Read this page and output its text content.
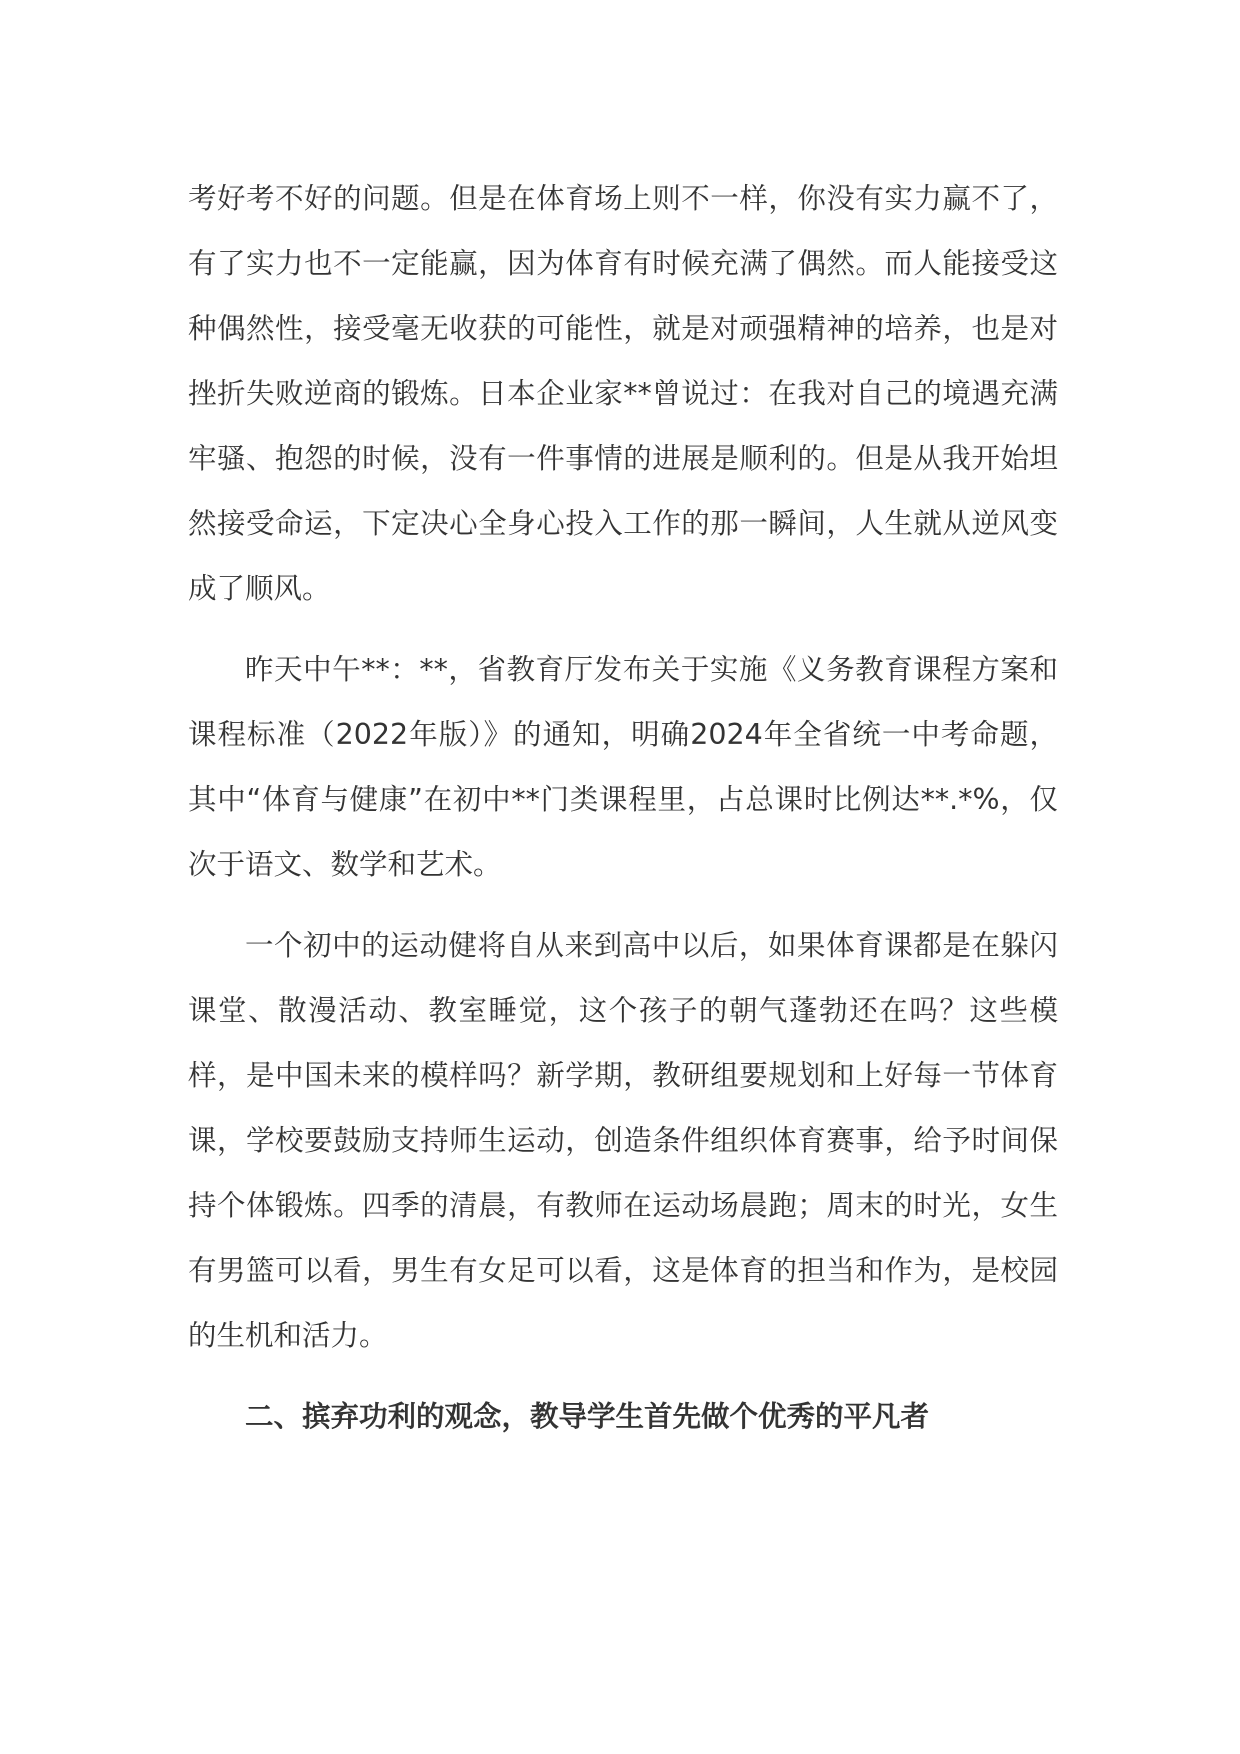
考好考不好的问题。但是在体育场上则不一样，你没有实力赢不了，有了实力也不一定能赢，因为体育有时候充满了偶然。而人能接受这种偶然性，接受毫无收获的可能性，就是对顽强精神的培养，也是对挫折失败逆商的锻炼。日本企业家**曾说过：在我对自己的境遇充满牢骚、抱怨的时候，没有一件事情的进展是顺利的。但是从我开始坦然接受命运，下定决心全身心投入工作的那一瞬间，人生就从逆风变成了顺风。

昨天中午**：**，省教育厅发布关于实施《义务教育课程方案和课程标准（2022年版）》的通知，明确2024年全省统一中考命题，其中“体育与健康”在初中**门类课程里，占总课时比例达**.*%，仅次于语文、数学和艺术。

一个初中的运动健将自从来到高中以后，如果体育课都是在躲闪课堂、散漫活动、教室睡觉，这个孩子的朝气蓬勃还在吗？这些模样，是中国未来的模样吗？新学期，教研组要规划和上好每一节体育课，学校要鼓励支持师生运动，创造条件组织体育赛事，给予时间保持个体锻炼。四季的清晨，有教师在运动场晨跑；周末的时光，女生有男篮可以看，男生有女足可以看，这是体育的担当和作为，是校园的生机和活力。

二、摈弃功利的观念，教导学生首先做个优秀的平凡者
